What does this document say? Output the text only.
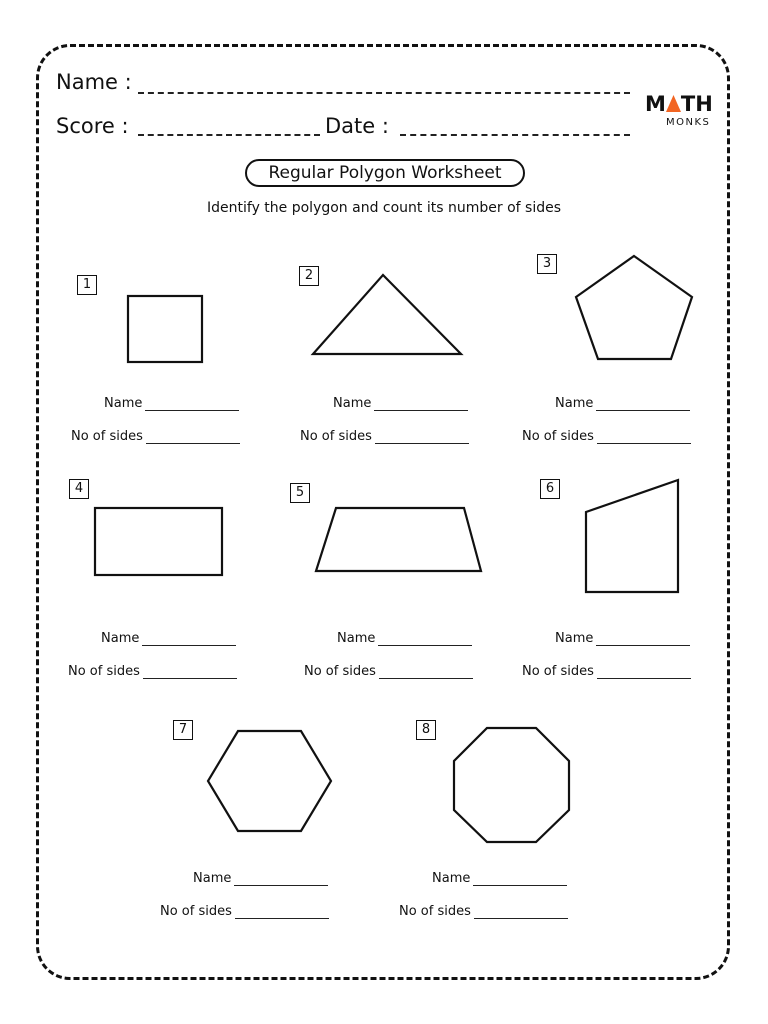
Name :
Score :	Date :
M TH
MONKS
Regular Polygon Worksheet
Identify the polygon and count its number of sides
1
2
3
4	5	6
7	8
Name
No of sides
Name
No of sides
Name
No of sides
Name
No of sides
Name
No of sides
Name
No of sides
Name
No of sides
Name
No of sides
